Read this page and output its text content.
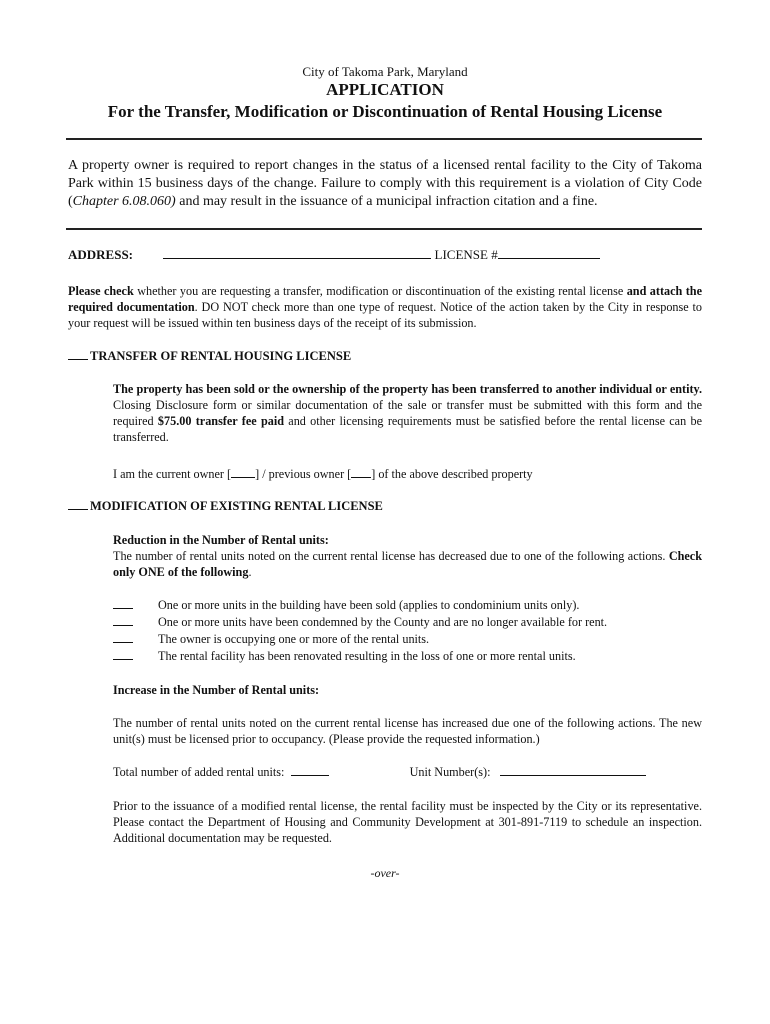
City of Takoma Park, Maryland
APPLICATION
For the Transfer, Modification or Discontinuation of Rental Housing License
A property owner is required to report changes in the status of a licensed rental facility to the City of Takoma Park within 15 business days of the change. Failure to comply with this requirement is a violation of City Code (Chapter 6.08.060) and may result in the issuance of a municipal infraction citation and a fine.
ADDRESS:	LICENSE #
Please check whether you are requesting a transfer, modification or discontinuation of the existing rental license and attach the required documentation. DO NOT check more than one type of request. Notice of the action taken by the City in response to your request will be issued within ten business days of the receipt of its submission.
TRANSFER OF RENTAL HOUSING LICENSE
The property has been sold or the ownership of the property has been transferred to another individual or entity. Closing Disclosure form or similar documentation of the sale or transfer must be submitted with this form and the required $75.00 transfer fee paid and other licensing requirements must be satisfied before the rental license can be transferred.
I am the current owner [ ] / previous owner [ ] of the above described property
MODIFICATION OF EXISTING RENTAL LICENSE
Reduction in the Number of Rental units:
The number of rental units noted on the current rental license has decreased due to one of the following actions. Check only ONE of the following.
One or more units in the building have been sold (applies to condominium units only).
One or more units have been condemned by the County and are no longer available for rent.
The owner is occupying one or more of the rental units.
The rental facility has been renovated resulting in the loss of one or more rental units.
Increase in the Number of Rental units:
The number of rental units noted on the current rental license has increased due one of the following actions. The new unit(s) must be licensed prior to occupancy. (Please provide the requested information.)
Total number of added rental units:	Unit Number(s):
Prior to the issuance of a modified rental license, the rental facility must be inspected by the City or its representative. Please contact the Department of Housing and Community Development at 301-891-7119 to schedule an inspection. Additional documentation may be requested.
-over-
